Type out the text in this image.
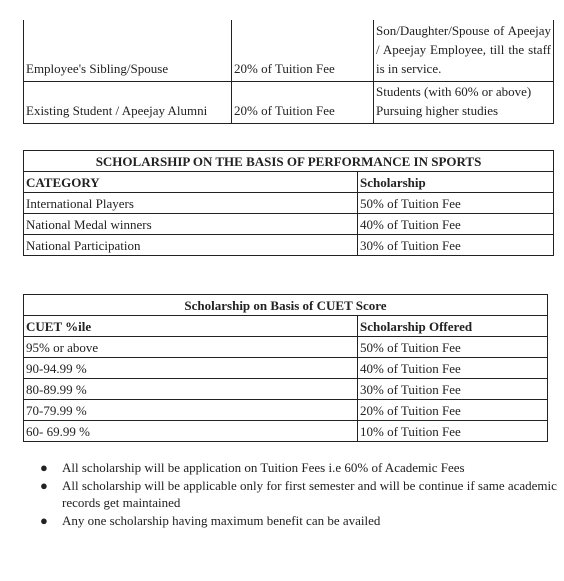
Employee's Sibling/Spouse	20% of Tuition Fee	Son/Daughter/Spouse of Apeejay / Apeejay Employee, till the staff is in service.
Existing Student / Apeejay Alumni	20% of Tuition Fee	Students (with 60% or above) Pursuing higher studies
SCHOLARSHIP ON THE BASIS OF PERFORMANCE IN SPORTS	
CATEGORY	Scholarship
International Players	50% of Tuition Fee
National Medal winners	40% of Tuition Fee
National Participation	30% of Tuition Fee
Scholarship on Basis of CUET Score	
CUET %ile	Scholarship Offered
95% or above	50% of Tuition Fee
90-94.99 %	40% of Tuition Fee
80-89.99 %	30% of Tuition Fee
70-79.99 %	20% of Tuition Fee
60- 69.99 %	10% of Tuition Fee
● All scholarship will be application on Tuition Fees i.e 60% of Academic Fees
● All scholarship will be applicable only for first semester and will be continue if same academic records get maintained
● Any one scholarship having maximum benefit can be availed
